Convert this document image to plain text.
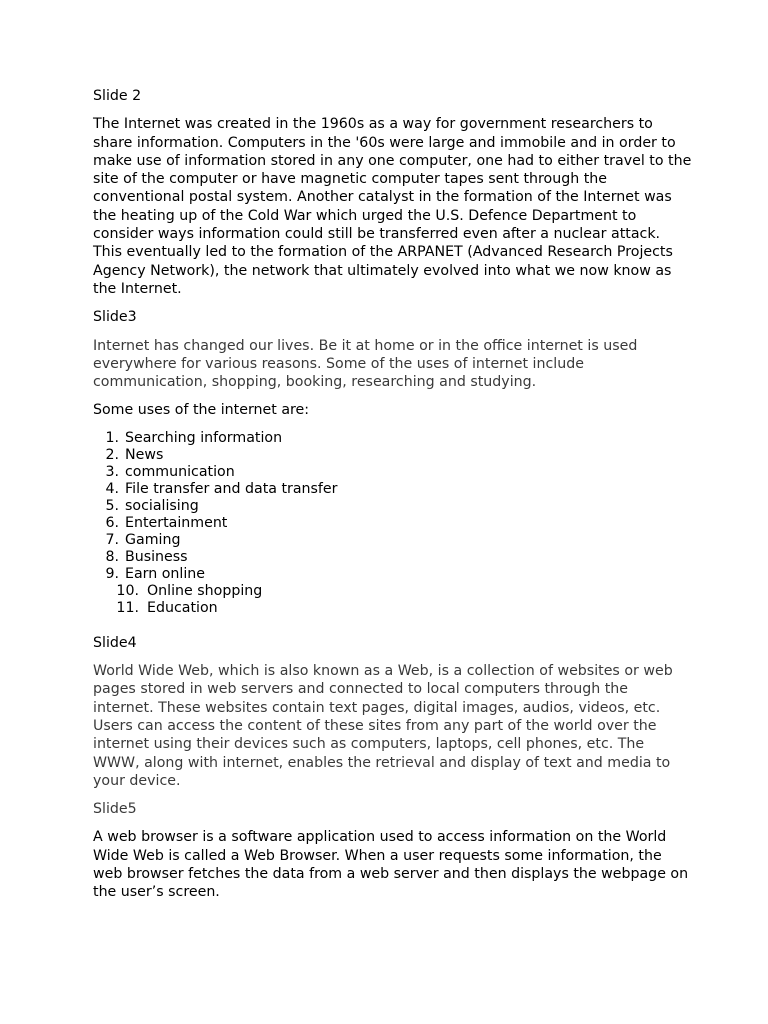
Slide 2
The Internet was created in the 1960s as a way for government researchers to share information. Computers in the '60s were large and immobile and in order to make use of information stored in any one computer, one had to either travel to the site of the computer or have magnetic computer tapes sent through the conventional postal system. Another catalyst in the formation of the Internet was the heating up of the Cold War which urged the U.S. Defence Department to consider ways information could still be transferred even after a nuclear attack. This eventually led to the formation of the ARPANET (Advanced Research Projects Agency Network), the network that ultimately evolved into what we now know as the Internet.
Slide3
Internet has changed our lives. Be it at home or in the office internet is used everywhere for various reasons. Some of the uses of internet include communication, shopping, booking, researching and studying.
Some uses of the internet are:
1. Searching information
2. News
3. communication
4. File transfer and data transfer
5. socialising
6. Entertainment
7. Gaming
8. Business
9. Earn online
10. Online shopping
11. Education
Slide4
World Wide Web, which is also known as a Web, is a collection of websites or web pages stored in web servers and connected to local computers through the internet. These websites contain text pages, digital images, audios, videos, etc. Users can access the content of these sites from any part of the world over the internet using their devices such as computers, laptops, cell phones, etc. The WWW, along with internet, enables the retrieval and display of text and media to your device.
Slide5
A web browser is a software application used to access information on the World Wide Web is called a Web Browser. When a user requests some information, the web browser fetches the data from a web server and then displays the webpage on the user’s screen.
